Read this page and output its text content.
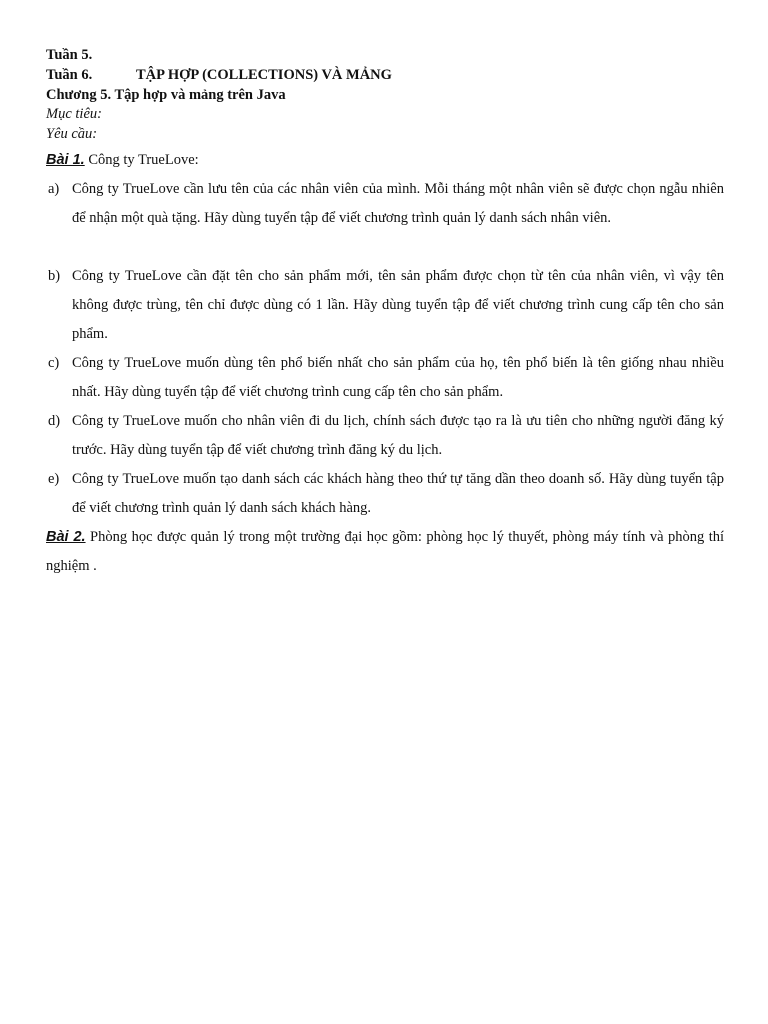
Tuần 5.
Tuần 6.	TẬP HỢP (COLLECTIONS) VÀ MẢNG
Chương 5. Tập hợp và mảng trên Java
Mục tiêu:
Yêu cầu:
Bài 1. Công ty TrueLove:
a) Công ty TrueLove cần lưu tên của các nhân viên của mình. Mỗi tháng một nhân viên sẽ được chọn ngẫu nhiên để nhận một quà tặng. Hãy dùng tuyển tập để viết chương trình quản lý danh sách nhân viên.
b) Công ty TrueLove cần đặt tên cho sản phẩm mới, tên sản phẩm được chọn từ tên của nhân viên, vì vậy tên không được trùng, tên chỉ được dùng có 1 lần. Hãy dùng tuyển tập để viết chương trình cung cấp tên cho sản phẩm.
c) Công ty TrueLove muốn dùng tên phổ biến nhất cho sản phẩm của họ, tên phổ biến là tên giống nhau nhiều nhất. Hãy dùng tuyển tập để viết chương trình cung cấp tên cho sản phẩm.
d) Công ty TrueLove muốn cho nhân viên đi du lịch, chính sách được tạo ra là ưu tiên cho những người đăng ký trước. Hãy dùng tuyển tập để viết chương trình đăng ký du lịch.
e) Công ty TrueLove muốn tạo danh sách các khách hàng theo thứ tự tăng dần theo doanh số. Hãy dùng tuyển tập để viết chương trình quản lý danh sách khách hàng.
Bài 2. Phòng học được quản lý trong một trường đại học gồm: phòng học lý thuyết, phòng máy tính và phòng thí nghiệm .
